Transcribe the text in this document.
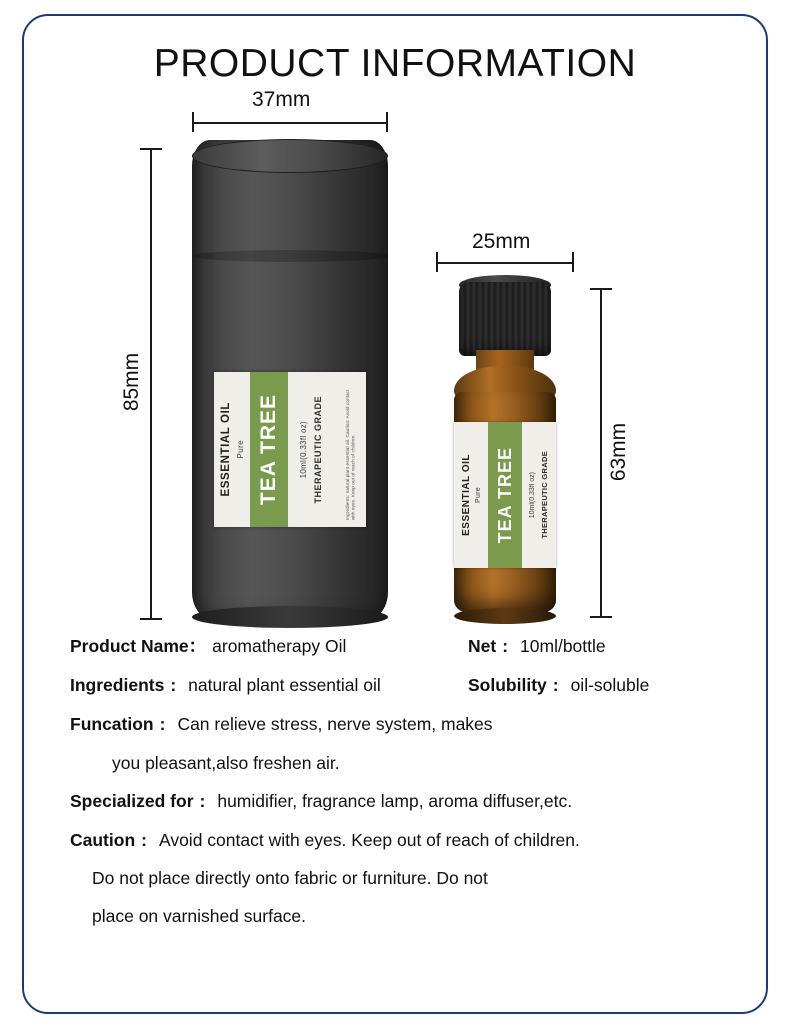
PRODUCT INFORMATION
37mm
85mm
Pure
ESSENTIAL OIL TEA TREE	THERAPEUTIC GRADE
10ml(0.33fl oz)	Ingredients: natural plant essential oil. Caution: Avoid contact with eyes. Keep out of reach of children.
25mm
63mm
Pure
ESSENTIAL OIL TEA TREE	THERAPEUTIC GRADE
10ml(0.33fl oz)
Product Name： aromatherapy Oil	Net : 10ml/bottle
Ingredients : natural plant essential oil	Solubility : oil-soluble
Funcation : Can relieve stress, nerve system, makes
you pleasant,also freshen air.
Specialized for : humidifier, fragrance lamp, aroma diffuser,etc.
Caution : Avoid contact with eyes. Keep out of reach of children.
Do not place directly onto fabric or furniture. Do not
place on varnished surface.
